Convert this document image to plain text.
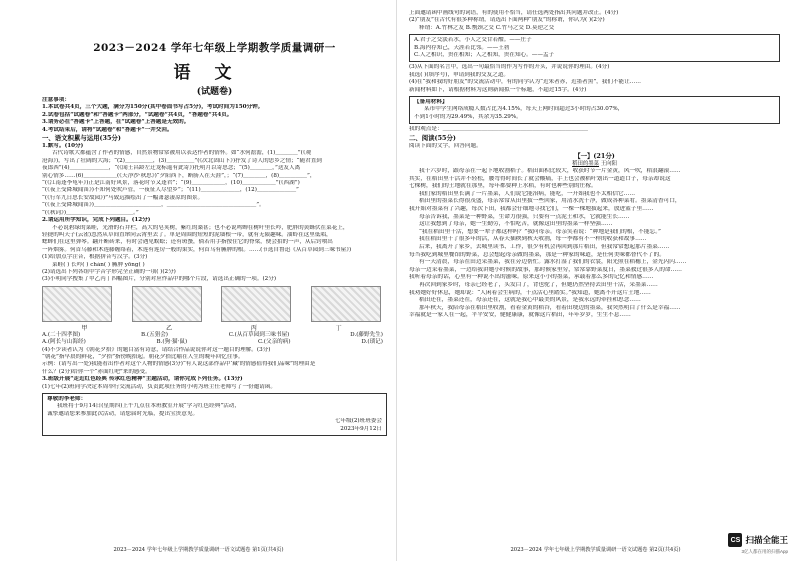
2023－2024 学年七年级上学期教学质量调研一
语文
(试题卷)
注意事项：
1.本试卷共4页，三个大题，满分为150分(其中卷面书写占5分)，考试时间为150分钟。
2.试卷包括“试题卷”和“答题卡”两部分，“试题卷”共4页，“答题卷”共4页。
3.请务必在“答题卡”上答题，在“试题卷”上答题是无效的。
4.考试结束后，请将“试题卷”和“答题卡”一并交回。
一、语文积累与运用(35分)
1.默写。(10分)
古代诗歌大都蕴含了作者的情感，自然景物常常被用以表达作者的情怀。如“水何澹澹，(1)＿＿＿＿”(《观
沧海》)，写出了壮阔的大海；“(2)＿＿＿＿＿，(3)＿＿＿＿＿”(《次北固山下》)抒发了诗人的思乡之情；“随君直到
夜郎西”(4)＿＿＿＿＿＿＿，“(《闻王昌龄左迁龙标遥有此寄》)托明月以寄思念；“(5)＿＿＿＿，”送友人离
别心情多……(6)＿＿＿＿＿＿(《天净沙·秋思》)“夕阳西下，断肠人在天涯”，；“(7)＿＿＿＿，(8)＿＿＿＿＿”，
“(《江南逢李龟年》)正是江南好风景，落花时节又逢君”；“(9)＿＿＿＿＿＿，(10)＿＿＿＿＿＿”(《西湖”)
“(《夜上受降城闻笛》)不知何处吹芦管，一夜征人尽望乡”；“(11)＿＿＿＿＿＿＿，(12)＿＿＿＿＿＿＿”
“(《行军九日思长安故园》)”马致远描绘出了一幅萧瑟凄凉的图景。
“(《夜上受降城闻笛》)＿＿＿＿＿＿＿＿＿＿＿＿，＿＿＿＿＿＿＿＿＿＿＿＿＿＿＿＿”。
“(《秋词》)＿＿＿＿＿＿＿＿＿＿＿＿。”
2.请运用所学知识，完成下列题目。(12分)
不必说碧绿的菜畦，光滑的石井栏，高大的皂荚树，紫红的桑葚；也不必说鸣蝉在树叶里长吟，肥胖的黄蜂伏在菜花上，
轻捷的叫天子(云雀)忽然从草间直窜向云霄里去了。单是周围的短短的泥墙根一带，就有无限趣味。油蛉在这里低唱，
蟋蟀们在这里弹琴。翻开断砖来，有时会遇见蜈蚣；还有斑蝥，倘若用手指按住它的脊梁，便会拍的一声，从后窍喷出
一阵烟雾。何首乌藤和木莲藤缠络着，木莲有莲房一般的果实，何首乌有臃肿的根。……(节选自鲁迅《从百草园到三味书屋》)
(1)给加点字注音，根据拼音写汉字。(3分)
菜畦( ) 长吟( ) chàn( ) 臃肿 yōng( )
(2)请选出下列各组中字音字形完全正确的一项( )(2分)
(3)小明同学搜集了甲乙丙丁四幅图片，分别对应作品中的哪个片段，请选出正确的一项。(2分)
甲	乙	丙	丁
A.(二十四孝图)	B.(五猖会)	C.(从百草园到三味书屋)	D.(藤野先生)
A.(阿长与山海经)	B.(狗·猫·鼠)	C.(父亲的病)	D.(琐记)
(4)不少读者认为《朝花夕拾》的题目富有诗意，请结合作品说说你对这一题目的理解。(3分)
“朝花”指早晨的鲜花，“夕拾”指傍晚拾起。朝花夕拾比喻在人生的晚年回忆往事。
示例：(请写出一处)我能看出作者对这个人物的情感(3分)“有人说这部作品中‘藏’的情感值得我们品味”的理由是
什么？(2分)给你一个“赤面红吧”来的感受。
3.班级开展“走近红色经典 传承红色精神”主题活动，请你完成下列任务。(13分)
(1)七年(2)班同学决定本周举行交流活动，负责此项任务的小明为班主任老师写了一份邀请函。
尊敬的李老师：
我班将于9月14日(星期四)上午九点在本班教室开展“学习红色经典”活动，
诚挚邀请您来参加此次活动，请您届时光临，提出宝贵意见。
七年级(2)班班委会
2023年9月12日
2023－2024 学年七年级上学期教学质量调研一语文试题卷 第1页(共4页)
上面邀请函中画线句的词语，有的使用不恰当，请任选两处指出其问题并改正。(4分)
(2)“朋友”在古代有很多种称谓，请选出下面两种“朋友”的称谓，你认为( )(2分)
释谓：A.竹林之友 B.刎颈之交 C.竹马之交 D.莫逆之交
A.君子之交淡若水，小人之交甘若醴。——庄子
B.海内存知己，天涯若比邻。——王勃
C.人之相识，贵在相知；人之相知，贵在知心。——孟子
(3)从下面的名言中，选出一句最恰当的作为写作的开头，并说说你的理由。(4分)
我选( )(填序号)，申请到我的交友之道。
(4)在“我和我的好朋友”的交流活动中，有的同学认为“近朱者赤，近墨者黑”，我们不能让……
新闻材料如下，请根据材料为这则新闻拟一个标题，不超过15字。(4分)
【备用材料】
某市中学生网络成瘾人数占比为4.15%，每天上网时间超过3小时的占30.07%，
不到1小时的为29.49%，其余为35.29%。
我的观点是：＿＿＿＿＿＿＿＿＿＿＿＿＿＿＿＿＿＿＿＿＿＿＿＿＿＿
二、阅读(55分)
阅读下面的文字，回答问题。
【一】(21分)
稻田的墨菜 王向阳
我十六岁时，跟母亲在一起下地收割稻子。稻田面积比较大，收获时节一片金黄，风一吹，稻浪翻滚……
其实，在稻田里干活并不轻松，腰弯得时间长了就会酸痛，手上也会被稻叶划出一道道口子，母亲却说这
七棵树，我们的土地就在那里，每年都要种上水稻，有时也种些别的庄稼。
我们家的稻田里长满了一片墨菜，人们说它能治病，能吃，一开始我也不太相信它……
稻田里的墨菜长得很茂盛，母亲常常从田里拔一些回家，用清水洗干净，做成各种菜肴。墨菜清香可口，
我开始对墨菜有了兴趣，每次下田，我都会仔细地寻找它们，一棵一棵地拔起来，放进篮子里……
母亲告诉我，墨菜是一种野菜，生命力很强，只要有一点泥土和水，它就能生长……
这让我想到了母亲，她一生勤劳，不怕吃苦，就像这田里的墨菜一样坚强……
“我在稻田里干活，想要一辈子都这样吗？”我问母亲。母亲笑着说：“种地是我们的根，不能忘。”
我在稻田里干了很多年的活，从春天插秧到秋天收割，每一季都有不一样的收获和故事……
后来，我离开了家乡，去城里读书、工作，很少有机会再回到那片稻田，但我常常想起那片墨菜……
每当我吃到城里餐馆的野菜，总会想起母亲做的墨菜，那是一种家的味道，是任何美味都替代不了的。
有一天清晨，母亲在田边采墨菜，我在旁边帮忙。露水打湿了我们的衣裳，阳光照在稻穗上，金光闪闪……
母亲一边采着墨菜，一边给我讲她小时候的故事，那时候家里穷，常常靠野菜度日，墨菜救过很多人的命……
我听着母亲的话，心里有一种说不出的滋味。原来这小小的墨菜，承载着那么多的记忆和情感……
再次回到家乡时，母亲已经老了，头发白了，背也驼了，但她仍然坚持去田里干活，采墨菜……
我劝她好好休息，她却说：“人闲着会生病的，干点活心里踏实。”我知道，她离不开这片土地……
稻田还在，墨菜还在，母亲还在，这就是我心中最美的风景，是我永远的牵挂和思念……
那年秋天，我陪母亲在稻田里收割，看着金黄的稻谷，看着田埂边的墨菜，我突然明白了什么是幸福……
幸福就是一家人在一起，平平安安，健健康康，就像这片稻田，年年岁岁，生生不息……
2023－2024 学年七年级上学期教学质量调研一语文试题卷 第2页(共4页)
CS 扫描全能王
3亿人都在用的扫描App
